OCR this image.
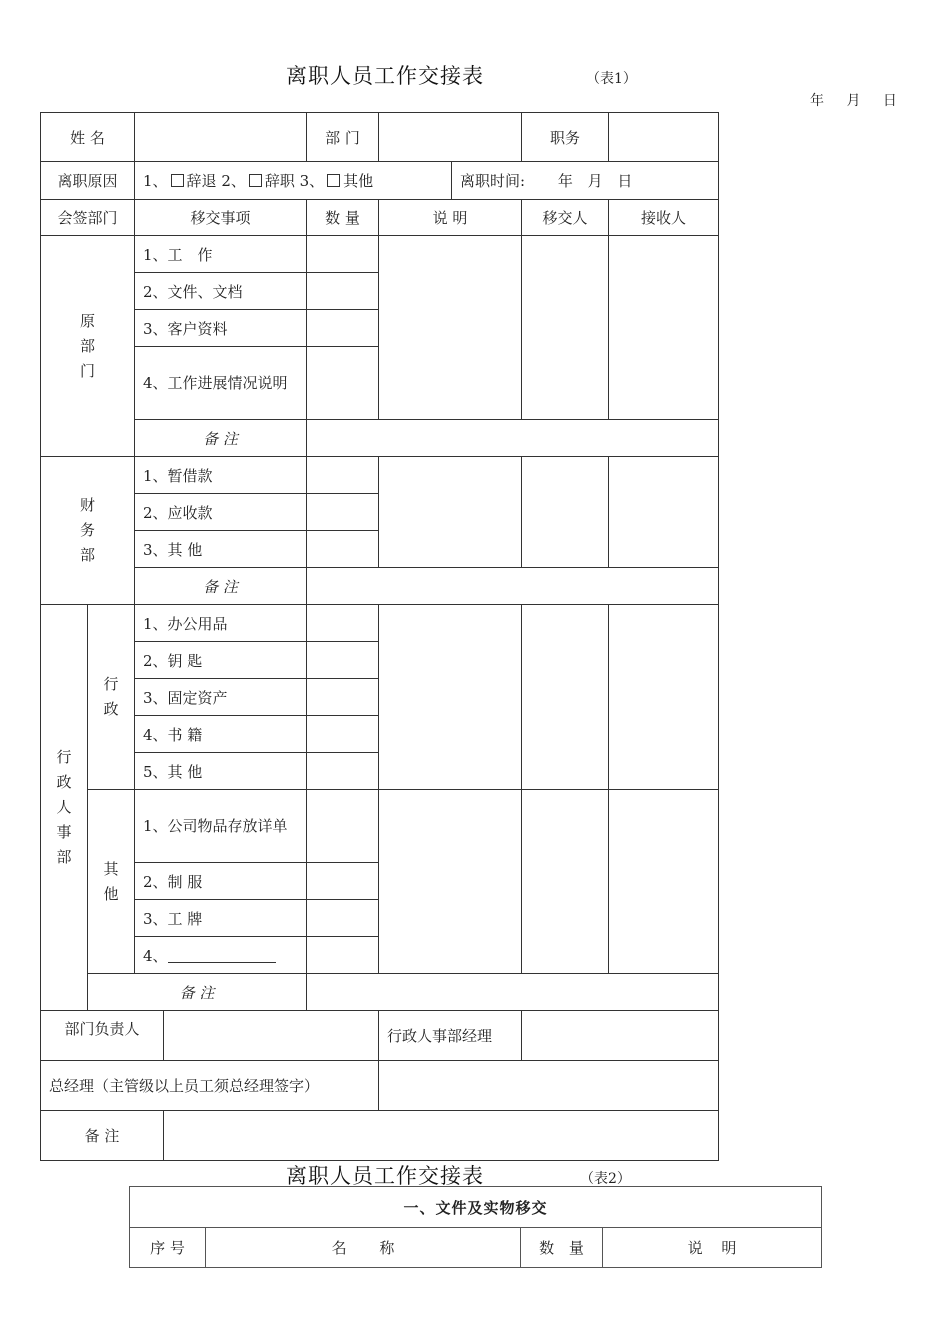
离职人员工作交接表	（表1）
年 月 日
姓 名				部 门			职务	
离职原因		1、 辞退 2、 辞职 3、 其他				离职时间: 年 月 日		
会签部门		移交事项		数 量	说 明		移交人	接收人

原部门		1、工　作						
		2、文件、文档						
		3、客户资料						
		4、工作进展情况说明						
		备 注						

财务部		1、暂借款						
		2、应收款						
		3、其 他						
		备 注						

行政人事部	行政	1、办公用品						
		2、钥 匙						
		3、固定资产						
		4、书 籍						
		5、其 他						

	其他	1、公司物品存放详单						
		2、制 服						
		3、工 牌						
		4、						
	备 注							
部门负责人					行政人事部经理			
总经理（主管级以上员工须总经理签字）								
备 注								
离职人员工作交接表	（表2）
一、文件及实物移交
序 号	名 称	数 量	说 明
